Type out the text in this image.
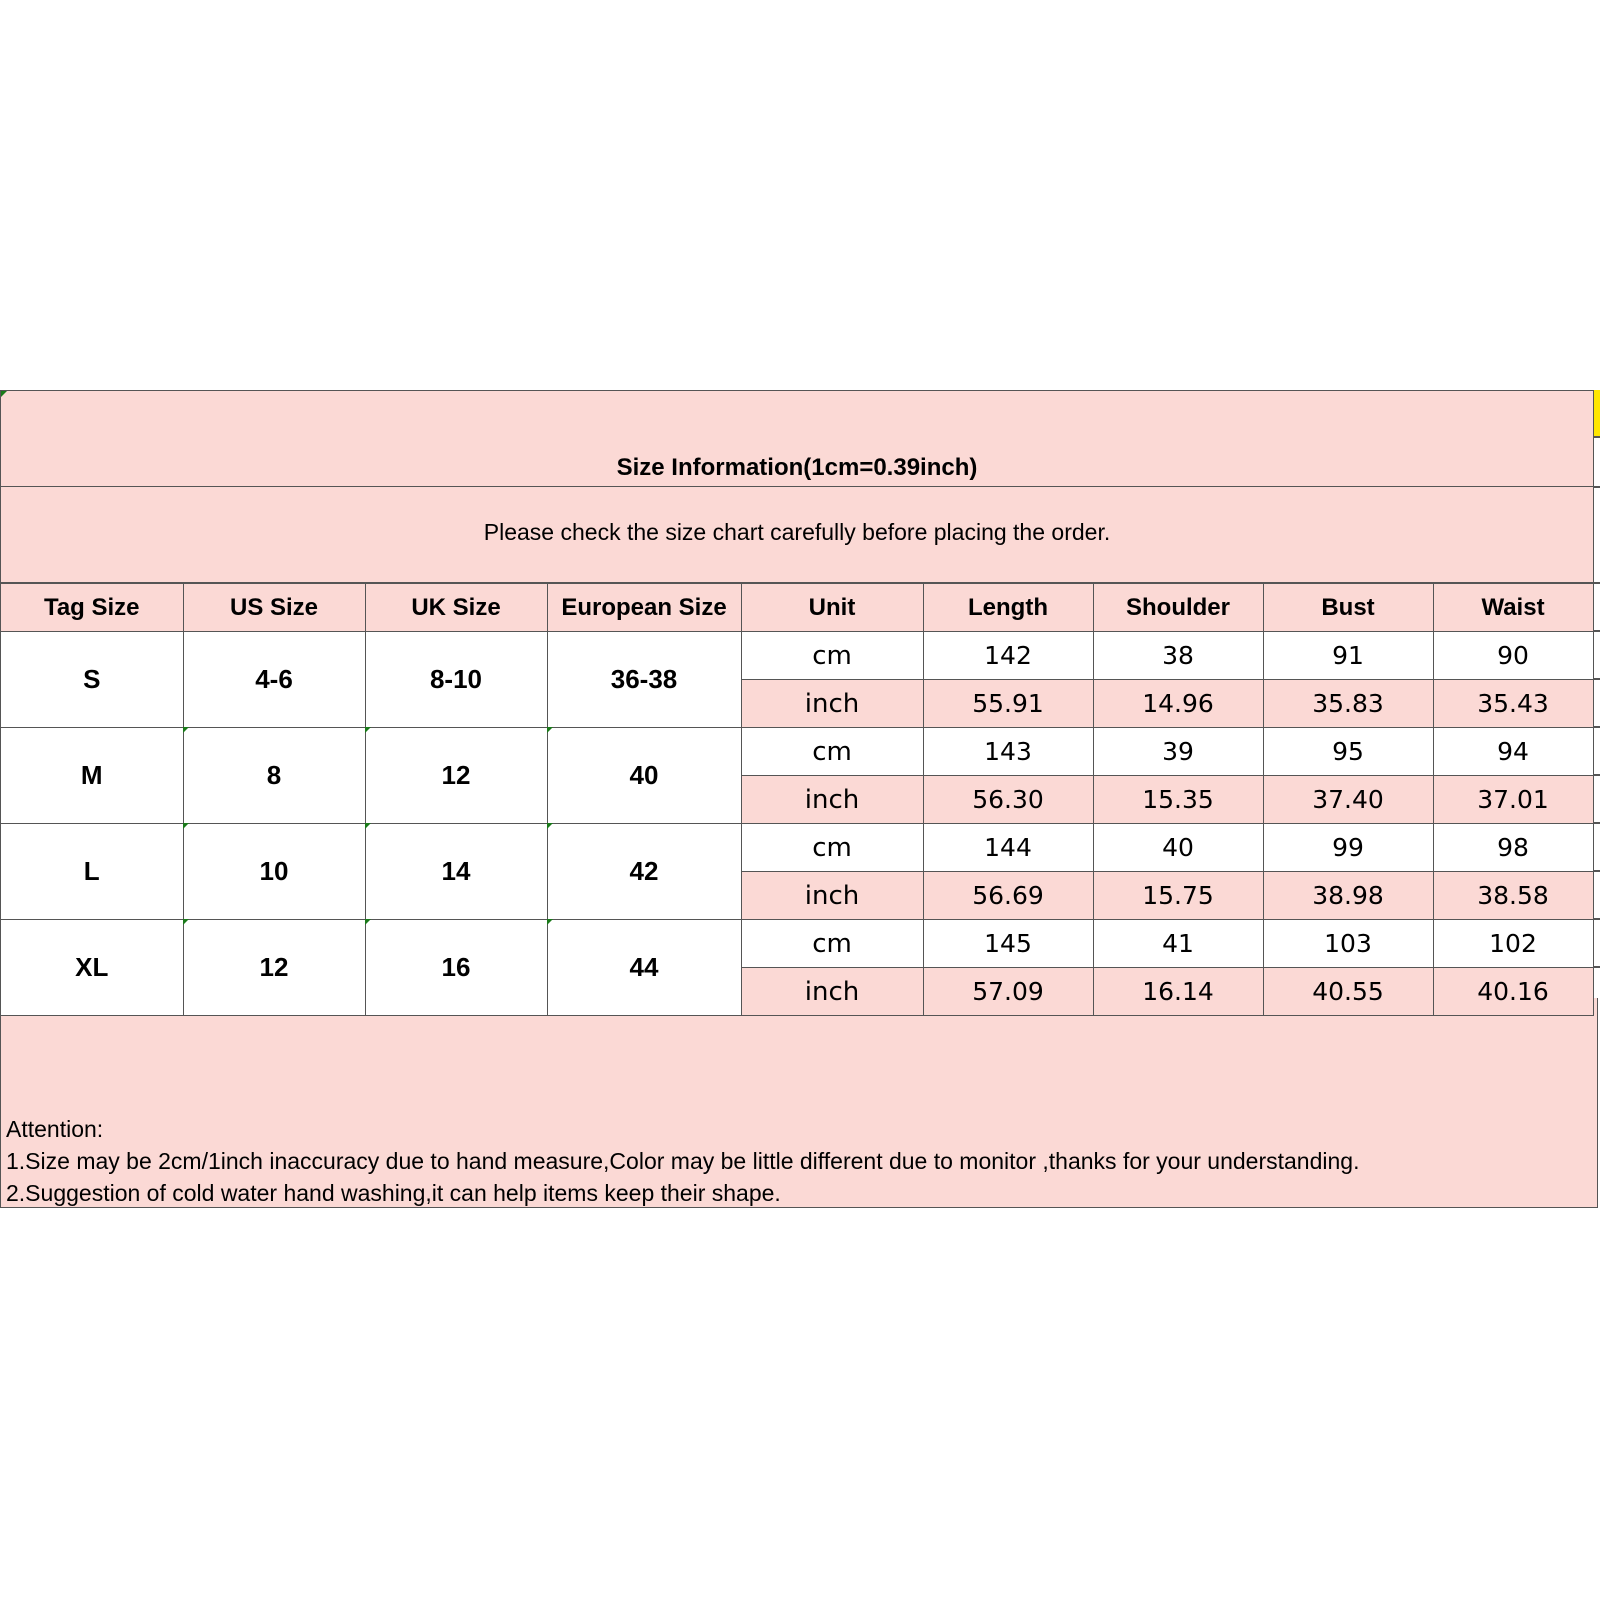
Size Information(1cm=0.39inch)
Please check the size chart carefully before placing the order.
Tag Size	US Size	UK Size	European Size	Unit	Length	Shoulder	Bust	Waist
S	4-6	8-10	36-38	cm	142	38	91	90
				inch	55.91	14.96	35.83	35.43
M	8	12	40	cm	143	39	95	94
				inch	56.30	15.35	37.40	37.01
L	10	14	42	cm	144	40	99	98
				inch	56.69	15.75	38.98	38.58
XL	12	16	44	cm	145	41	103	102
				inch	57.09	16.14	40.55	40.16
Attention:
1.Size may be 2cm/1inch inaccuracy due to hand measure,Color may be little different due to monitor ,thanks for your understanding.
2.Suggestion of cold water hand washing,it can help items keep their shape.
